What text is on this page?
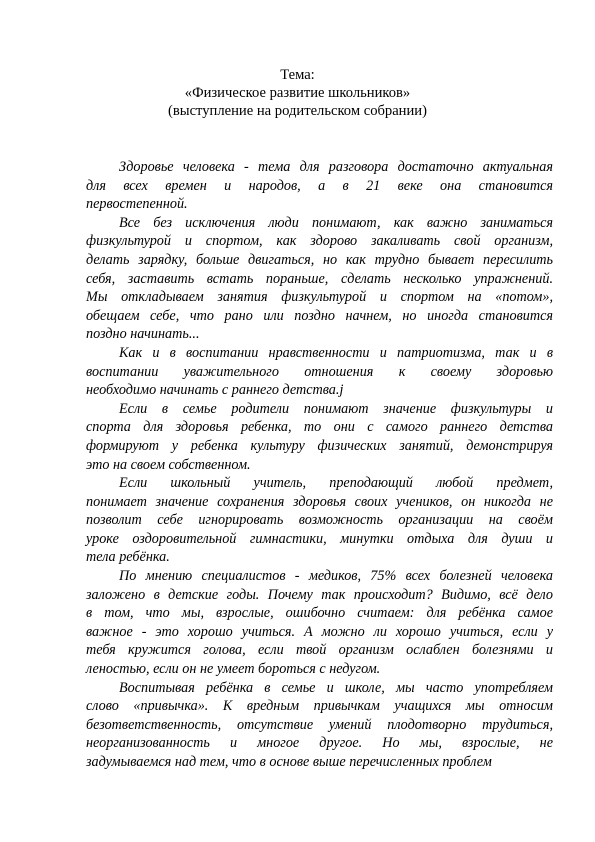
Тема:
«Физическое развитие школьников»
(выступление на родительском собрании)
Здоровье человека - тема для разговора достаточно актуальная
для всех времен и народов, а в 21 веке она становится
первостепенной.
Все без исключения люди понимают, как важно заниматься
физкультурой и спортом, как здорово закаливать свой организм,
делать зарядку, больше двигаться, но как трудно бывает пересилить
себя, заставить встать пораньше, сделать несколько упражнений.
Мы откладываем занятия физкультурой и спортом на «потом»,
обещаем себе, что рано или поздно начнем, но иногда становится
поздно начинать...
Как и в воспитании нравственности и патриотизма, так и в
воспитании уважительного отношения к своему здоровью
необходимо начинать с раннего детства.j
Если в семье родители понимают значение физкультуры и
спорта для здоровья ребенка, то они с самого раннего детства
формируют у ребенка культуру физических занятий, демонстрируя
это на своем собственном.
Если школьный учитель, преподающий любой предмет,
понимает значение сохранения здоровья своих учеников, он никогда не
позволит себе игнорировать возможность организации на своём
уроке оздоровительной гимнастики, минутки отдыха для души и
тела ребёнка.
По мнению специалистов - медиков, 75% всех болезней человека
заложено в детские годы. Почему так происходит? Видимо, всё дело
в том, что мы, взрослые, ошибочно считаем: для ребёнка самое
важное - это хорошо учиться. А можно ли хорошо учиться, если у
тебя кружится голова, если твой организм ослаблен болезнями и
леностью, если он не умеет бороться с недугом.
Воспитывая ребёнка в семье и школе, мы часто употребляем
слово «привычка». К вредным привычкам учащихся мы относим
безответственность, отсутствие умений плодотворно трудиться,
неорганизованность и многое другое. Но мы, взрослые, не
задумываемся над тем, что в основе выше перечисленных проблем
